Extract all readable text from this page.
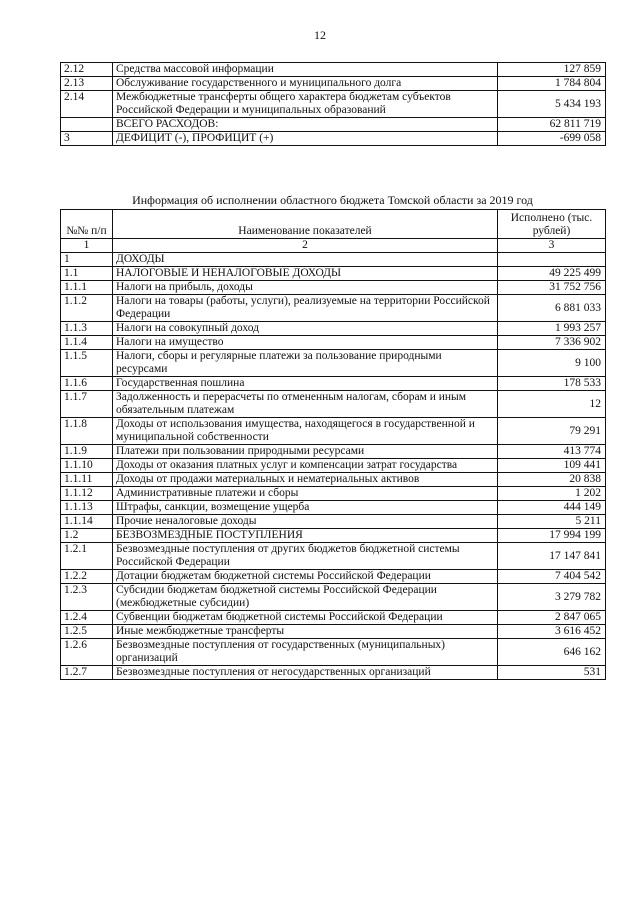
12
2.12	Средства массовой информации	127 859
2.13	Обслуживание государственного и муниципального долга	1 784 804
2.14	Межбюджетные трансферты общего характера бюджетам субъектов Российской Федерации и муниципальных образований	5 434 193
	ВСЕГО РАСХОДОВ:	62 811 719
3	ДЕФИЦИТ (-), ПРОФИЦИТ (+)	-699 058
Информация об исполнении областного бюджета Томской области за 2019 год
№№ п/п	Наименование показателей	Исполнено (тыс. рублей)
1	2	3
1	ДОХОДЫ	
1.1	НАЛОГОВЫЕ И НЕНАЛОГОВЫЕ ДОХОДЫ	49 225 499
1.1.1	Налоги на прибыль, доходы	31 752 756
1.1.2	Налоги на товары (работы, услуги), реализуемые на территории Российской Федерации	6 881 033
1.1.3	Налоги на совокупный доход	1 993 257
1.1.4	Налоги на имущество	7 336 902
1.1.5	Налоги, сборы и регулярные платежи за пользование природными ресурсами	9 100
1.1.6	Государственная пошлина	178 533
1.1.7	Задолженность и перерасчеты по отмененным налогам, сборам и иным обязательным платежам	12
1.1.8	Доходы от использования имущества, находящегося в государственной и муниципальной собственности	79 291
1.1.9	Платежи при пользовании природными ресурсами	413 774
1.1.10	Доходы от оказания платных услуг и компенсации затрат государства	109 441
1.1.11	Доходы от продажи материальных и нематериальных активов	20 838
1.1.12	Административные платежи и сборы	1 202
1.1.13	Штрафы, санкции, возмещение ущерба	444 149
1.1.14	Прочие неналоговые доходы	5 211
1.2	БЕЗВОЗМЕЗДНЫЕ ПОСТУПЛЕНИЯ	17 994 199
1.2.1	Безвозмездные поступления от других бюджетов бюджетной системы Российской Федерации	17 147 841
1.2.2	Дотации бюджетам бюджетной системы Российской Федерации	7 404 542
1.2.3	Субсидии бюджетам бюджетной системы Российской Федерации (межбюджетные субсидии)	3 279 782
1.2.4	Субвенции бюджетам бюджетной системы Российской Федерации	2 847 065
1.2.5	Иные межбюджетные трансферты	3 616 452
1.2.6	Безвозмездные поступления от государственных (муниципальных) организаций	646 162
1.2.7	Безвозмездные поступления от негосударственных организаций	531
